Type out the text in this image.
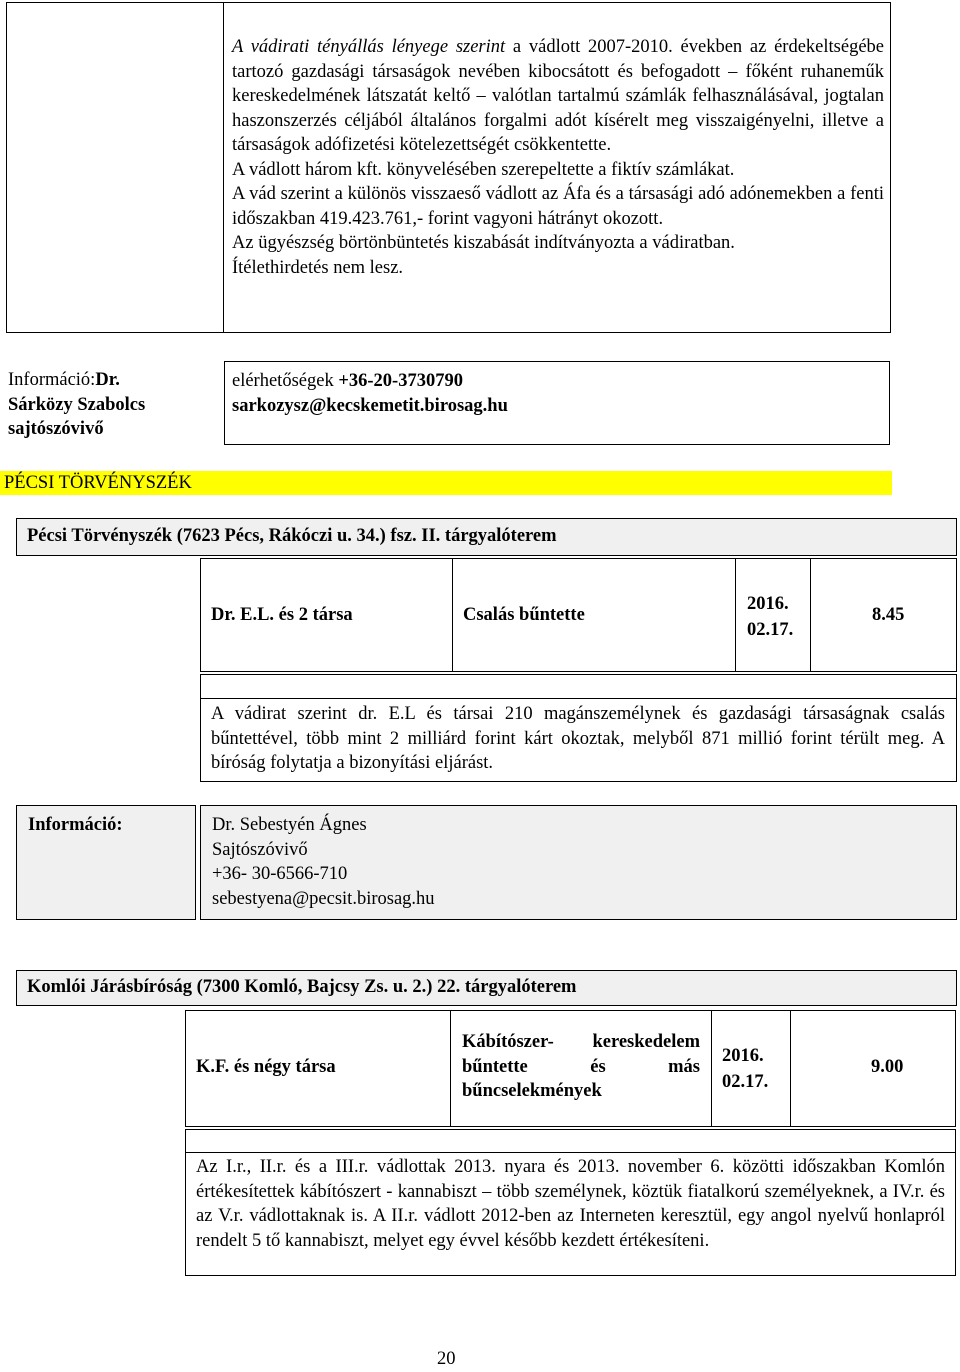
A vádirati tényállás lényege szerint a vádlott 2007-2010. években az érdekeltségébe tartozó gazdasági társaságok nevében kibocsátott és befogadott – főként ruhaneműk kereskedelmének látszatát keltő – valótlan tartalmú számlák felhasználásával, jogtalan haszonszerzés céljából általános forgalmi adót kísérelt meg visszaigényelni, illetve a társaságok adófizetési kötelezettségét csökkentette.
A vádlott három kft. könyvelésében szerepeltette a fiktív számlákat.
A vád szerint a különös visszaeső vádlott az Áfa és a társasági adó adónemekben a fenti időszakban 419.423.761,- forint vagyoni hátrányt okozott.
Az ügyészség börtönbüntetés kiszabását indítványozta a vádiratban.
Ítélethirdetés nem lesz.
Információ:Dr.
Sárközy Szabolcs
sajtószóvivő
elérhetőségek +36-20-3730790
sarkozysz@kecskemetit.birosag.hu
PÉCSI TÖRVÉNYSZÉK
Pécsi Törvényszék (7623 Pécs, Rákóczi u. 34.) fsz. II. tárgyalóterem
Dr. E.L. és 2 társa	Csalás bűntette
2016. 02.17.
8.45
A vádirat szerint dr. E.L és társai 210 magánszemélynek és gazdasági társaságnak csalás bűntettével, több mint 2 milliárd forint kárt okoztak, melyből 871 millió forint térült meg. A bíróság folytatja a bizonyítási eljárást.
Információ:	Dr. Sebestyén Ágnes
Sajtószóvivő
+36- 30-6566-710
sebestyena@pecsit.birosag.hu
Komlói Járásbíróság (7300 Komló, Bajcsy Zs. u. 2.) 22. tárgyalóterem
K.F. és négy társa
Kábítószer- kereskedelem
bűntette és más
bűncselekmények
2016. 02.17.
9.00
Az I.r., II.r. és a III.r. vádlottak 2013. nyara és 2013. november 6. közötti időszakban Komlón értékesítettek kábítószert - kannabiszt – több személynek, köztük fiatalkorú személyeknek, a IV.r. és az V.r. vádlottaknak is. A II.r. vádlott 2012-ben az Interneten keresztül, egy angol nyelvű honlapról rendelt 5 tő kannabiszt, melyet egy évvel később kezdett értékesíteni.
20
